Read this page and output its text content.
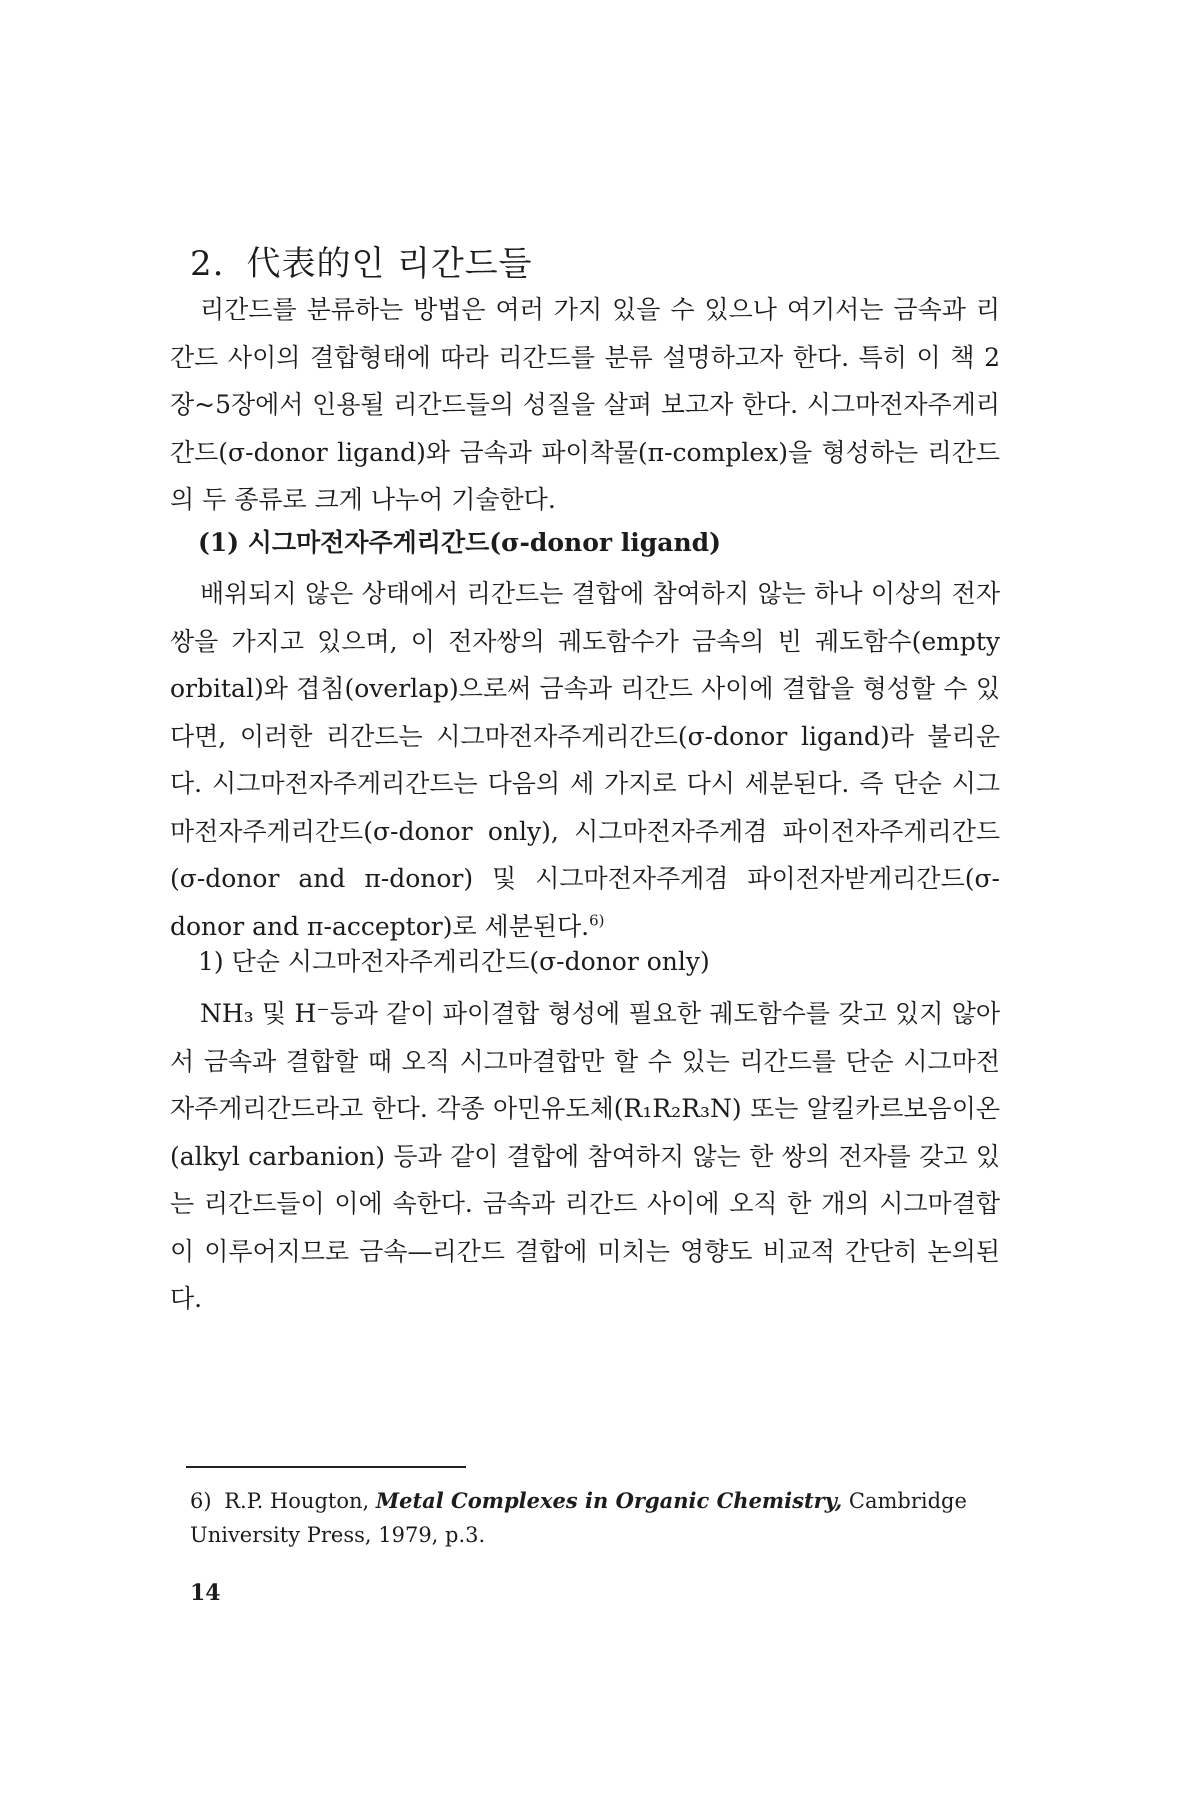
2. 代表的인 리간드들

리간드를 분류하는 방법은 여러 가지 있을 수 있으나 여기서는 금속과 리간드 사이의 결합형태에 따라 리간드를 분류 설명하고자 한다. 특히 이 책 2장~5장에서 인용될 리간드들의 성질을 살펴 보고자 한다. 시그마전자주게리간드(σ-donor ligand)와 금속과 파이착물(π-complex)을 형성하는 리간드의 두 종류로 크게 나누어 기술한다.

(1) 시그마전자주게리간드(σ-donor ligand)

배위되지 않은 상태에서 리간드는 결합에 참여하지 않는 하나 이상의 전자쌍을 가지고 있으며, 이 전자쌍의 궤도함수가 금속의 빈 궤도함수(empty orbital)와 겹침(overlap)으로써 금속과 리간드 사이에 결합을 형성할 수 있다면, 이러한 리간드는 시그마전자주게리간드(σ-donor ligand)라 불리운다. 시그마전자주게리간드는 다음의 세 가지로 다시 세분된다. 즉 단순 시그마전자주게리간드(σ-donor only), 시그마전자주게겸 파이전자주게리간드(σ-donor and π-donor) 및 시그마전자주게겸 파이전자받게리간드(σ-donor and π-acceptor)로 세분된다.$^{6)}$

1) 단순 시그마전자주게리간드(σ-donor only)

NH₃ 및 H⁻등과 같이 파이결합 형성에 필요한 궤도함수를 갖고 있지 않아서 금속과 결합할 때 오직 시그마결합만 할 수 있는 리간드를 단순 시그마전자주게리간드라고 한다. 각종 아민유도체(R₁R₂R₃N) 또는 알킬카르보음이온 (alkyl carbanion) 등과 같이 결합에 참여하지 않는 한 쌍의 전자를 갖고 있는 리간드들이 이에 속한다. 금속과 리간드 사이에 오직 한 개의 시그마결합이 이루어지므로 금속—리간드 결합에 미치는 영향도 비교적 간단히 논의된다.

6) R.P. Hougton, Metal Complexes in Organic Chemistry, Cambridge University Press, 1979, p.3.

14
